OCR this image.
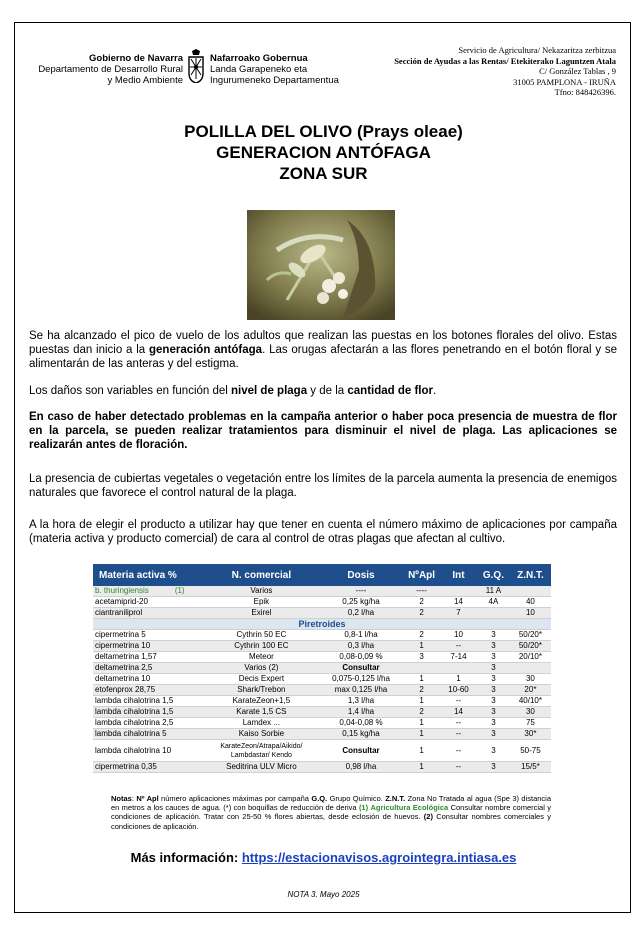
Gobierno de Navarra
Departamento de Desarrollo Rural
y Medio Ambiente
Nafarroako Gobernua
Landa Garapeneko eta
Ingurumeneko Departamentua
Servicio de Agricultura/ Nekazaritza zerbitzua
Sección de Ayudas a las Rentas/ Etekiterako Laguntzen Atala
C/ González Tablas , 9
31005 PAMPLONA - IRUÑA
Tfno: 848426396.
POLILLA DEL OLIVO (Prays oleae)
GENERACION ANTÓFAGA
ZONA SUR

Se ha alcanzado el pico de vuelo de los adultos que realizan las puestas en los botones florales del olivo. Estas puestas dan inicio a la generación antófaga. Las orugas afectarán a las flores penetrando en el botón floral y se alimentarán de las anteras y del estigma.

Los daños son variables en función del nivel de plaga y de la cantidad de flor.

En caso de haber detectado problemas en la campaña anterior o haber poca presencia de muestra de flor en la parcela, se pueden realizar tratamientos para disminuir el nivel de plaga. Las aplicaciones se realizarán antes de floración.

La presencia de cubiertas vegetales o vegetación entre los límites de la parcela aumenta la presencia de enemigos naturales que favorece el control natural de la plaga.

A la hora de elegir el producto a utilizar hay que tener en cuenta el número máximo de aplicaciones por campaña (materia activa y producto comercial) de cara al control de otras plagas que afectan al cultivo.

Materia activa %	N. comercial	Dosis	NºApl	Int	G.Q.	Z.N.T.
b. thuringiensis (1)	Varios	----	----		11 A	
acetamiprid-20	Epik	0,25 kg/ha	2	14	4A	40
ciantraniliprol	Exirel	0,2 l/ha	2	7		10
Piretroides						
cipermetrina 5	Cythrin 50 EC	0,8-1 l/ha	2	10	3	50/20*
cipermetrina 10	Cythrin 100 EC	0,3 l/ha	1	--	3	50/20*
deltametrina 1,57	Meteor	0,08-0,09 %	3	7-14	3	20/10*
deltametrina 2,5	Varios (2)	Consultar			3	
deltametrina 10	Decis Expert	0,075-0,125 l/ha	1	1	3	30
etofenprox 28,75	Shark/Trebon	max 0,125 l/ha	2	10-60	3	20*
lambda cihalotrina 1,5	KarateZeon+1,5	1,3 l/ha	1	--	3	40/10*
lambda cihalotrina 1,5	Karate 1,5 CS	1,4 l/ha	2	14	3	30
lambda cihalotrina 2,5	Lamdex ...	0,04-0,08 %	1	--	3	75
lambda cihalotrina 5	Kaiso Sorbie	0,15 kg/ha	1	--	3	30*
lambda cihalotrina 10	KarateZeon/Atrapa/Aikido/ Lambdastar/ Kendo	Consultar	1	--	3	50-75
cipermetrina 0,35	Seditrina ULV Micro	0,98 l/ha	1	--	3	15/5*

Notas: Nº Apl número aplicaciones máximas por campaña G.Q. Grupo Químico. Z.N.T. Zona No Tratada al agua (Spe 3) distancia en metros a los cauces de agua. (*) con boquillas de reducción de deriva (1) Agricultura Ecológica Consultar nombre comercial y condiciones de aplicación. Tratar con 25-50 % flores abiertas, desde eclosión de huevos. (2) Consultar nombres comerciales y condiciones de aplicación.

Más información: https://estacionavisos.agrointegra.intiasa.es
NOTA 3. Mayo 2025
